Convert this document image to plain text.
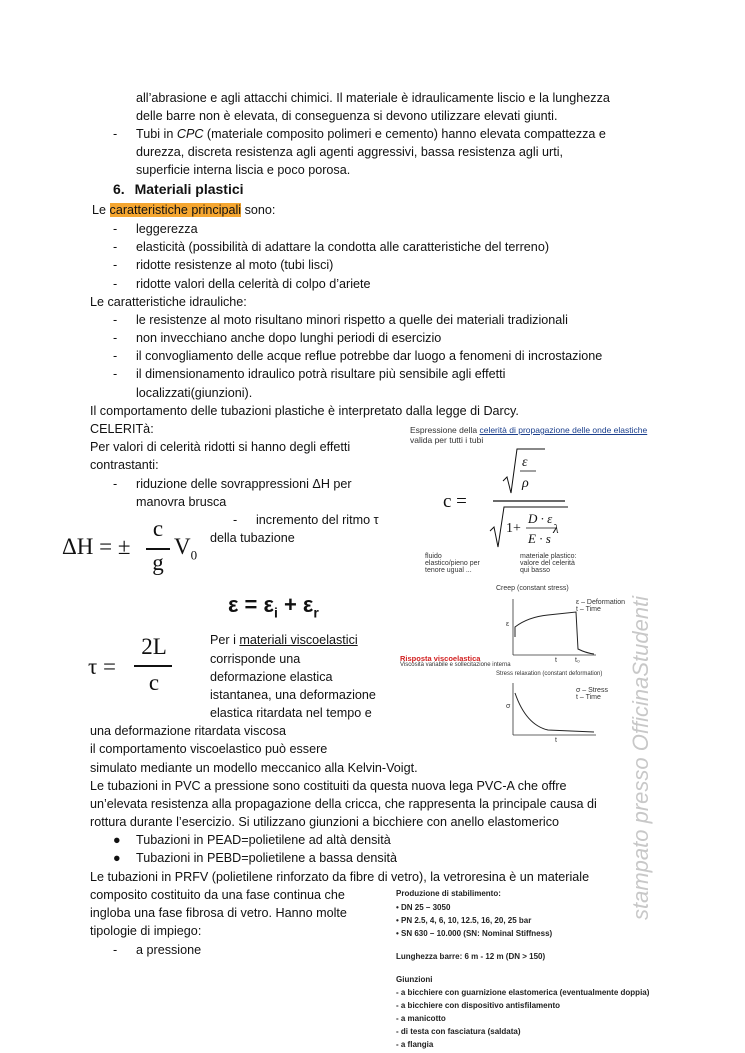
all’abrasione e agli attacchi chimici. Il materiale è idraulicamente liscio e la lunghezza
delle barre non è elevata, di conseguenza si devono utilizzare elevati giunti.
- Tubi in CPC (materiale composito polimeri e cemento) hanno elevata compattezza e
durezza, discreta resistenza agli agenti aggressivi, bassa resistenza agli urti,
superficie interna liscia e poco porosa.
6. Materiali plastici
Le caratteristiche principali sono:
- leggerezza
- elasticità (possibilità di adattare la condotta alle caratteristiche del terreno)
- ridotte resistenze al moto (tubi lisci)
- ridotte valori della celerità di colpo d’ariete
Le caratteristiche idrauliche:
- le resistenze al moto risultano minori rispetto a quelle dei materiali tradizionali
- non invecchiano anche dopo lunghi periodi di esercizio
- il convogliamento delle acque reflue potrebbe dar luogo a fenomeni di incrostazione
- il dimensionamento idraulico potrà risultare più sensibile agli effetti
localizzati(giunzioni).
Il comportamento delle tubazioni plastiche è interpretato dalla legge di Darcy.
CELERITà:
Per valori di celerità ridotti si hanno degli effetti
contrastanti:
- riduzione delle sovrappressioni ΔH per
manovra brusca
- incremento del ritmo τ
della tubazione
ΔH = ±
c
g
$V_0$
$\varepsilon = \varepsilon_i + \varepsilon_r$
τ =
2L
c
Per i materiali viscoelastici
corrisponde una
deformazione elastica
istantanea, una deformazione
elastica ritardata nel tempo e
una deformazione ritardata viscosa
il comportamento viscoelastico può essere
simulato mediante un modello meccanico alla Kelvin-Voigt.
Le tubazioni in PVC a pressione sono costituiti da questa nuova lega PVC-A che offre
un’elevata resistenza alla propagazione della cricca, che rappresenta la principale causa di
rottura durante l’esercizio. Si utilizzano giunzioni a bicchiere con anello elastomerico
● Tubazioni in PEAD=polietilene ad altà densità
● Tubazioni in PEBD=polietilene a bassa densità
Le tubazioni in PRFV (polietilene rinforzato da fibre di vetro), la vetroresina è un materiale
composito costituito da una fase continua che
ingloba una fase fibrosa di vetro. Hanno molte
tipologie di impiego:
- a pressione
Espressione della celerità di propagazione delle onde elastiche
valida per tutti i tubi
c =
ε
ρ
1+
D · ε
E · s
λ
fluido elastico/pieno per tenore ugual ...
materiale plastico: valore del celerità qui basso
Creep (constant stress)
ε – Deformation
t – Time
ε
t	t₀
Risposta viscoelastica
Viscosità variabile e sollecitazione interna
Stress relaxation (constant deformation)
σ – Stress
t – Time
σ
t
Produzione di stabilimento:
• DN 25 – 3050
• PN 2.5, 4, 6, 10, 12.5, 16, 20, 25 bar
• SN 630 – 10.000 (SN: Nominal Stiffness)
Lunghezza barre: 6 m - 12 m (DN > 150)
Giunzioni
- a bicchiere con guarnizione elastomerica (eventualmente doppia)
- a bicchiere con dispositivo antisfilamento
- a manicotto
- di testa con fasciatura (saldata)
- a flangia
stampato presso OfficinaStudenti
